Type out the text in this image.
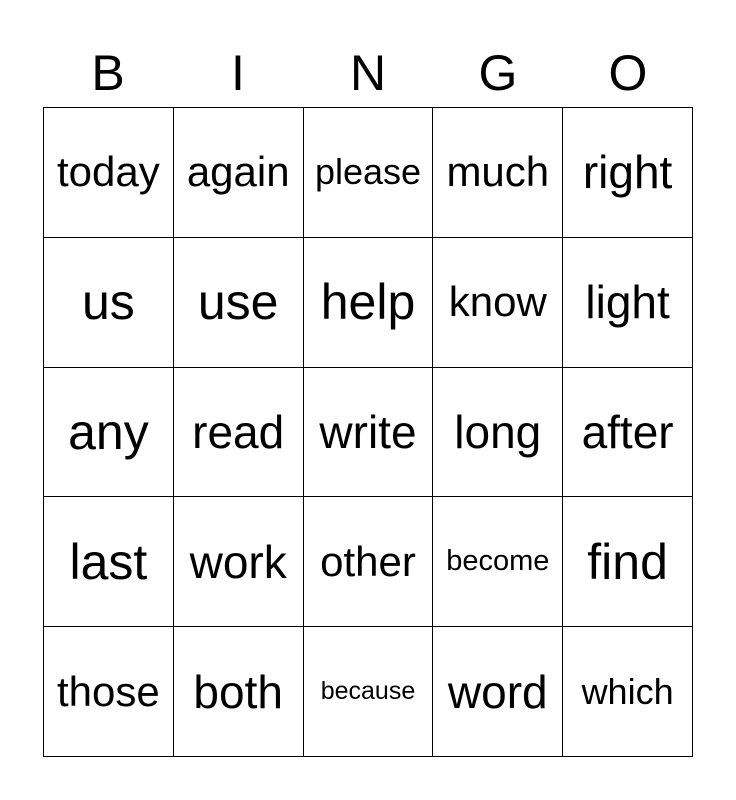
B	I	N	G	O
today again please much right
us	use help know light
any read write long after
last work other	become find
those both	because word which
